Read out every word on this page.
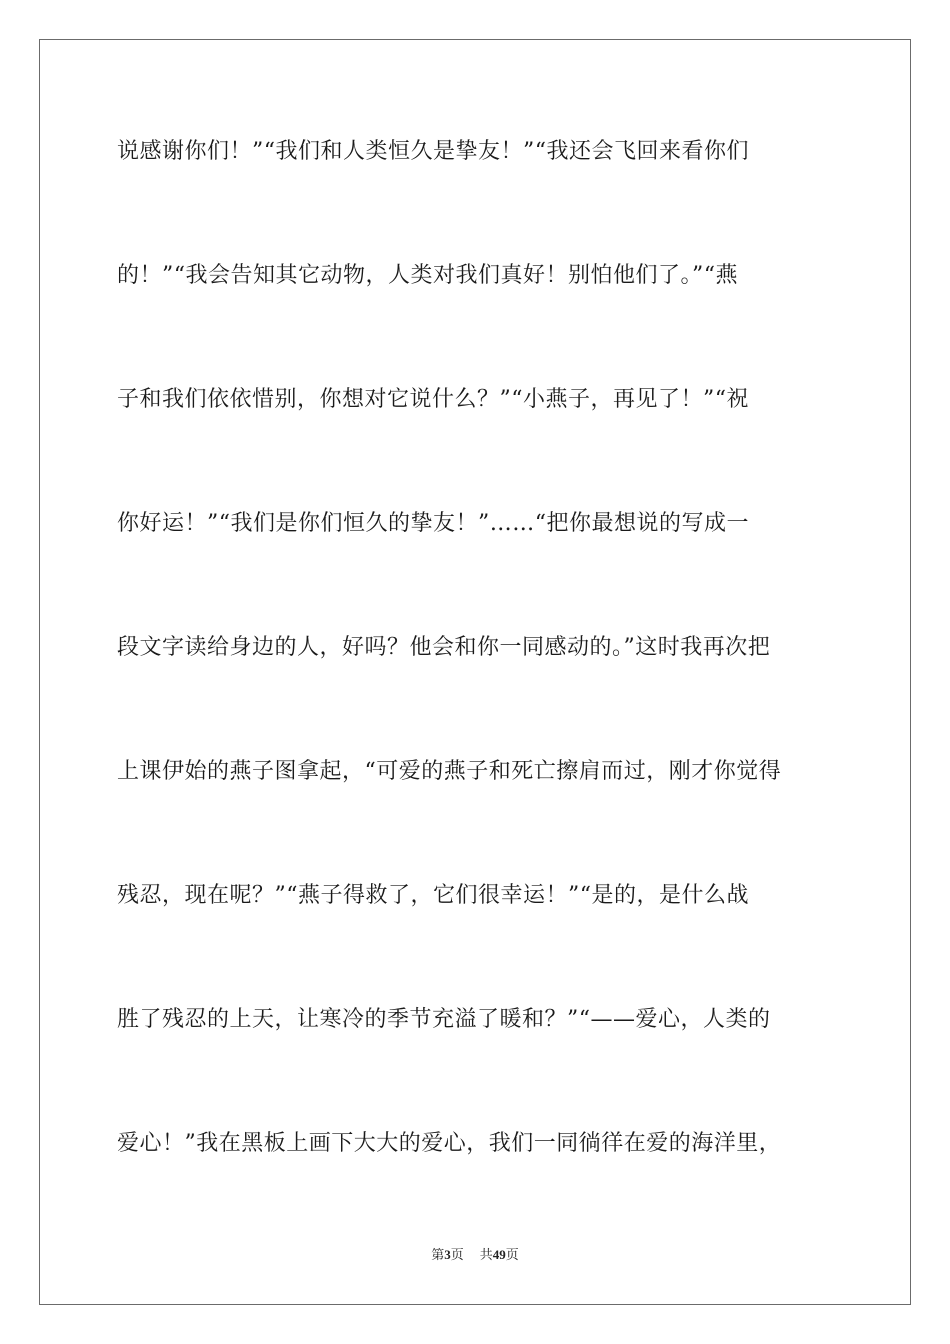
说感谢你们！”“我们和人类恒久是挚友！”“我还会飞回来看你们
的！”“我会告知其它动物，人类对我们真好！别怕他们了。”“燕
子和我们依依惜别，你想对它说什么？”“小燕子，再见了！”“祝
你好运！”“我们是你们恒久的挚友！”……“把你最想说的写成一
段文字读给身边的人，好吗？他会和你一同感动的。”这时我再次把
上课伊始的燕子图拿起，“可爱的燕子和死亡擦肩而过，刚才你觉得
残忍，现在呢？”“燕子得救了，它们很幸运！”“是的，是什么战
胜了残忍的上天，让寒冷的季节充溢了暖和？”“——爱心，人类的
爱心！”我在黑板上画下大大的爱心，我们一同徜徉在爱的海洋里，
第3页 共49页
